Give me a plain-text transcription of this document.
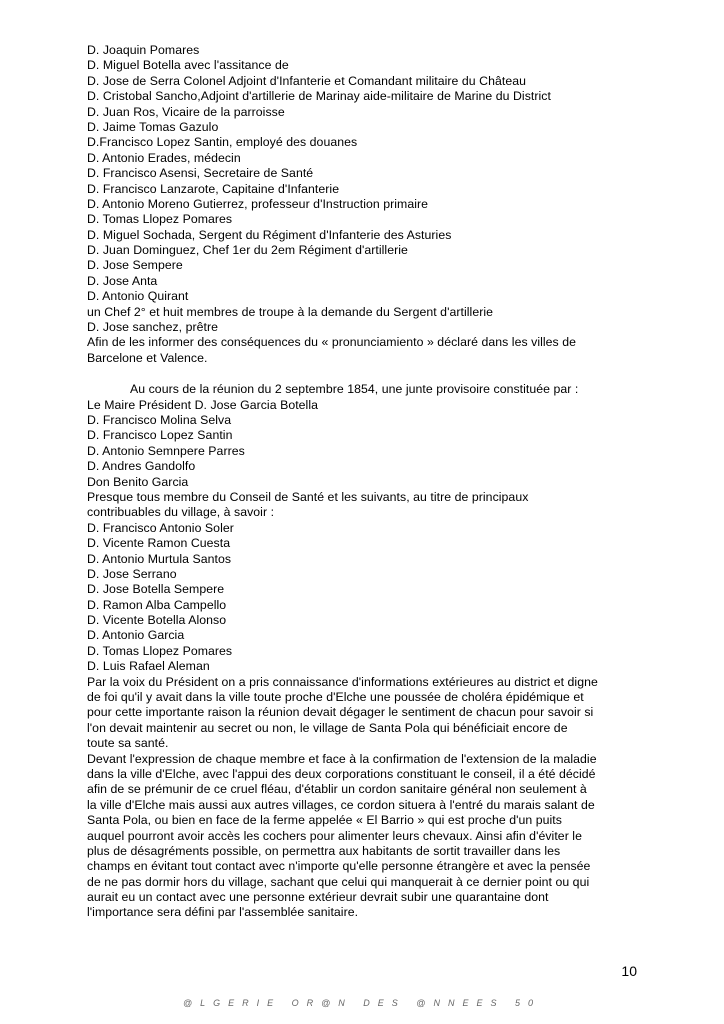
D. Joaquin Pomares
D. Miguel Botella avec l'assitance de
D. Jose de Serra Colonel Adjoint d'Infanterie et Comandant militaire du Château
D. Cristobal Sancho,Adjoint d'artillerie de Marinay aide-militaire de Marine du District
D. Juan Ros, Vicaire de la parroisse
D. Jaime Tomas Gazulo
D.Francisco Lopez Santin, employé des douanes
D. Antonio Erades, médecin
D. Francisco Asensi, Secretaire de Santé
D. Francisco Lanzarote, Capitaine d'Infanterie
D. Antonio Moreno Gutierrez, professeur d'Instruction primaire
D. Tomas Llopez Pomares
D. Miguel Sochada, Sergent du Régiment d'Infanterie des Asturies
D. Juan Dominguez, Chef 1er du 2em Régiment d'artillerie
D. Jose Sempere
D. Jose Anta
D. Antonio Quirant
un Chef 2° et huit membres de troupe à la demande du Sergent d'artillerie
D. Jose sanchez, prêtre
Afin de les informer des conséquences du « pronunciamiento » déclaré dans les villes de
Barcelone et Valence.
Au cours de la réunion du 2 septembre 1854, une junte provisoire constituée par :
Le Maire Président D. Jose Garcia Botella
D. Francisco Molina Selva
D. Francisco Lopez Santin
D. Antonio Semnpere Parres
D. Andres Gandolfo
Don Benito Garcia
Presque tous membre du Conseil de Santé et les suivants, au titre de principaux
contribuables du village, à savoir :
D. Francisco Antonio Soler
D. Vicente Ramon Cuesta
D. Antonio Murtula Santos
D. Jose Serrano
D. Jose Botella Sempere
D. Ramon Alba Campello
D. Vicente Botella Alonso
D. Antonio Garcia
D. Tomas Llopez Pomares
D. Luis Rafael Aleman
Par la voix du Président on a pris connaissance d'informations extérieures au district et digne
de foi qu'il y avait dans la ville toute proche d'Elche une poussée de choléra épidémique et
pour cette importante raison la réunion devait dégager le sentiment de chacun pour savoir si
l'on devait maintenir au secret ou non, le village de Santa Pola qui bénéficiait encore de
toute sa santé.
Devant l'expression de chaque membre et face à la confirmation de l'extension de la maladie
dans la ville d'Elche, avec l'appui des deux corporations constituant le conseil, il a été décidé
afin de se prémunir de ce cruel fléau, d'établir un cordon sanitaire général non seulement à
la ville d'Elche mais aussi aux autres villages, ce cordon situera à l'entré du marais salant de
Santa Pola, ou bien en face de la ferme appelée « El Barrio » qui est proche d'un puits
auquel pourront avoir accès les cochers pour alimenter leurs chevaux. Ainsi afin d'éviter le
plus de désagréments possible, on permettra aux habitants de sortit travailler dans les
champs en évitant tout contact avec n'importe qu'elle personne étrangère et avec la pensée
de ne pas dormir hors du village, sachant que celui qui manquerait à ce dernier point ou qui
aurait eu un contact avec une personne extérieur devrait subir une quarantaine dont
l'importance sera défini par l'assemblée sanitaire.
10
@LGERIE OR@N DES @NNEES 50
